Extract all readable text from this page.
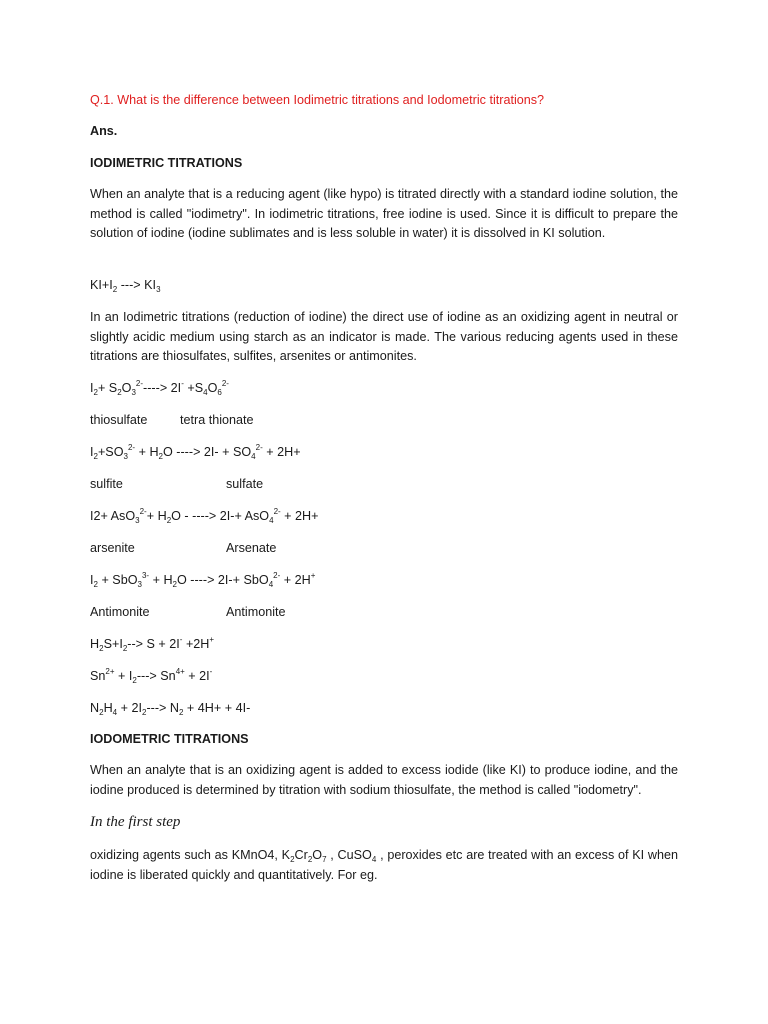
Q.1. What is the difference between Iodimetric titrations and Iodometric titrations?
Ans.
IODIMETRIC TITRATIONS
When an analyte that is a reducing agent (like hypo) is titrated directly with a standard iodine solution, the method is called "iodimetry". In iodimetric titrations, free iodine is used. Since it is difficult to prepare the solution of iodine (iodine sublimates and is less soluble in water) it is dissolved in KI solution.
$KI+I_2$ ---> $KI_3$
In an Iodimetric titrations (reduction of iodine) the direct use of iodine as an oxidizing agent in neutral or slightly acidic medium using starch as an indicator is made. The various reducing agents used in these titrations are thiosulfates, sulfites, arsenites or antimonites.
$I_2+ S_2O_3^{2-}----> 2I^- +S_4O_6^{2-}$
thiosulfate	tetra thionate
$I_2+SO_3^{2-} + H_2O$ ----> $2I- + SO_4^{2-} + 2H+$
sulfite	sulfate
$I2+ AsO_3^{2-}+ H_2O$ - ----> 2I-+ AsO$_4^{2-}$ + 2H+
arsenite	Arsenate
$I_2 + SbO_3^{3-} + H_2O$ ----> 2I-+ SbO$_4^{2-}$ + 2H+
Antimonite	Antimonite
$H_2S+I_2--> S + 2I^- +2H^+$
$Sn^{2+} + I_2---> Sn^{4+} + 2I^-$
$N_2H_4 + 2I_2---> N_2 + 4H+ + 4I-$
IODOMETRIC TITRATIONS
When an analyte that is an oxidizing agent is added to excess iodide (like KI) to produce iodine, and the iodine produced is determined by titration with sodium thiosulfate, the method is called "iodometry".
In the first step
oxidizing agents such as KMnO4, $K_2Cr_2O_7$ , CuSO$_4$ , peroxides etc are treated with an excess of KI when iodine is liberated quickly and quantitatively. For eg.
